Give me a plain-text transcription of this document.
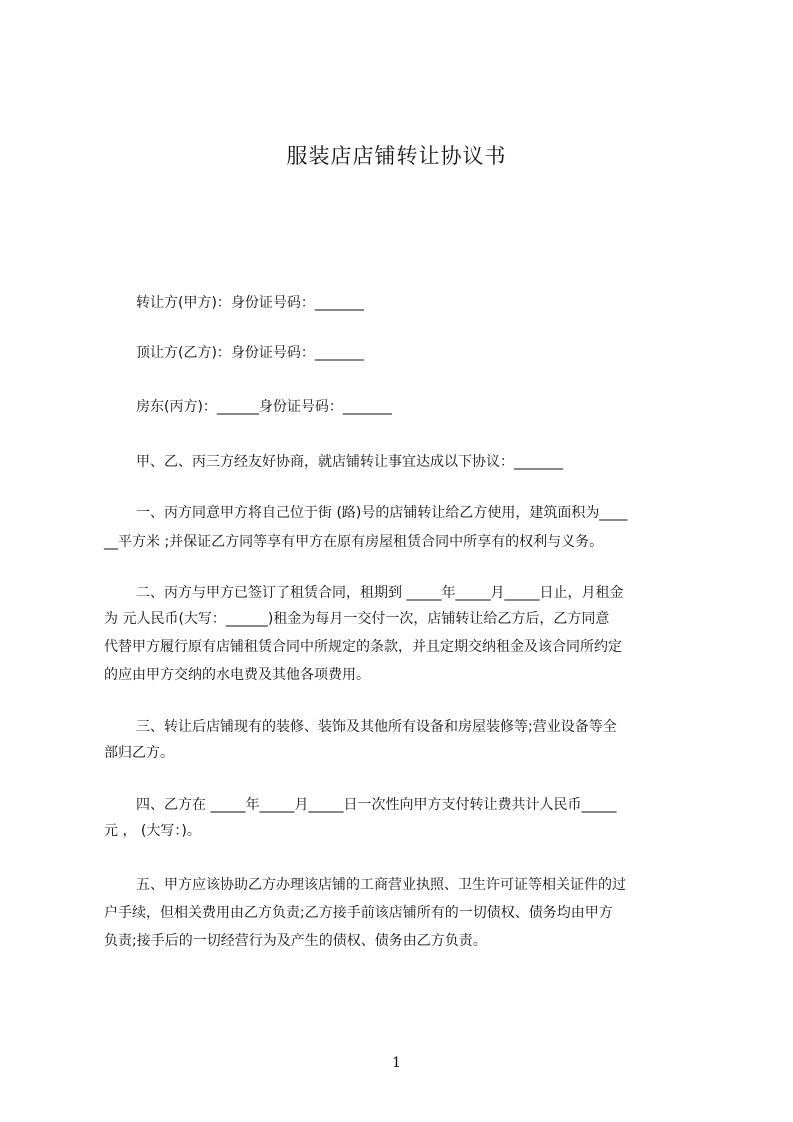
服装店店铺转让协议书
转让方(甲方)：身份证号码：_______
顶让方(乙方)：身份证号码：_______
房东(丙方)：______身份证号码：_______
甲、乙、丙三方经友好协商，就店铺转让事宜达成以下协议：_______
一、丙方同意甲方将自己位于街 (路)号的店铺转让给乙方使用，建筑面积为____
__平方米 ;并保证乙方同等享有甲方在原有房屋租赁合同中所享有的权利与义务。
二、丙方与甲方已签订了租赁合同，租期到 _____年_____月_____日止，月租金
为 元人民币(大写：______)租金为每月一交付一次，店铺转让给乙方后，乙方同意
代替甲方履行原有店铺租赁合同中所规定的条款，并且定期交纳租金及该合同所约定
的应由甲方交纳的水电费及其他各项费用。
三、转让后店铺现有的装修、装饰及其他所有设备和房屋装修等;营业设备等全
部归乙方。
四、乙方在 _____年_____月_____日一次性向甲方支付转让费共计人民币_____
元 ， (大写：)。
五、甲方应该协助乙方办理该店铺的工商营业执照、卫生许可证等相关证件的过
户手续，但相关费用由乙方负责;乙方接手前该店铺所有的一切债权、债务均由甲方
负责;接手后的一切经营行为及产生的债权、债务由乙方负责。
1
